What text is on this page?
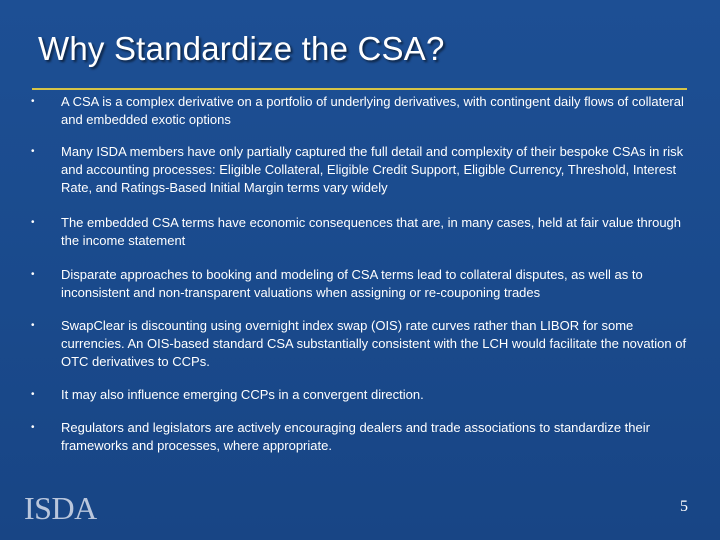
Why Standardize the CSA?
•	A CSA is a complex derivative on a portfolio of underlying derivatives, with contingent daily flows of collateral and embedded exotic options
•	Many ISDA members have only partially captured the full detail and complexity of their bespoke CSAs in risk and accounting processes: Eligible Collateral, Eligible Credit Support, Eligible Currency, Threshold, Interest Rate, and Ratings-Based Initial Margin terms vary widely
•	The embedded CSA terms have economic consequences that are, in many cases, held at fair value through the income statement
•	Disparate approaches to booking and modeling of CSA terms lead to collateral disputes, as well as to inconsistent and non-transparent valuations when assigning or re-couponing trades
•	SwapClear is discounting using overnight index swap (OIS) rate curves rather than LIBOR for some currencies. An OIS-based standard CSA substantially consistent with the LCH would facilitate the novation of OTC derivatives to CCPs.
•	It may also influence emerging CCPs in a convergent direction.
•	Regulators and legislators are actively encouraging dealers and trade associations to standardize their frameworks and processes, where appropriate.
ISDA	5
